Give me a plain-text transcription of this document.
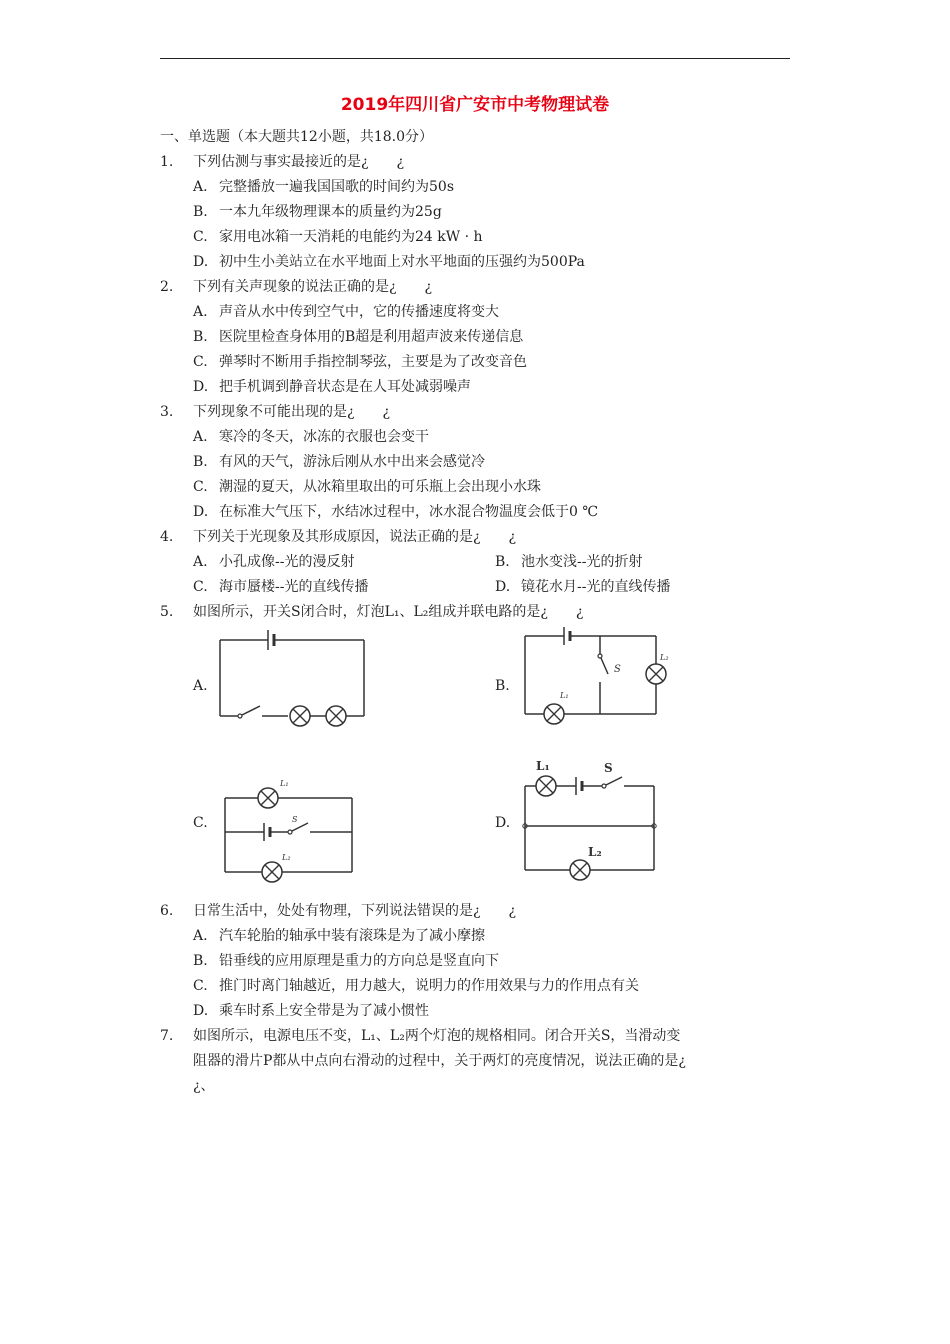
2019年四川省广安市中考物理试卷
一、单选题（本大题共12小题，共18.0分）
1. 下列估测与事实最接近的是¿　　¿
A. 完整播放一遍我国国歌的时间约为50s
B. 一本九年级物理课本的质量约为25g
C. 家用电冰箱一天消耗的电能约为24 kW · h
D. 初中生小美站立在水平地面上对水平地面的压强约为500Pa
2. 下列有关声现象的说法正确的是¿　　¿
A. 声音从水中传到空气中，它的传播速度将变大
B. 医院里检查身体用的B超是利用超声波来传递信息
C. 弹琴时不断用手指控制琴弦，主要是为了改变音色
D. 把手机调到静音状态是在人耳处减弱噪声
3. 下列现象不可能出现的是¿　　¿
A. 寒冷的冬天，冰冻的衣服也会变干
B. 有风的天气，游泳后刚从水中出来会感觉冷
C. 潮湿的夏天，从冰箱里取出的可乐瓶上会出现小水珠
D. 在标准大气压下，水结冰过程中，冰水混合物温度会低于0 ℃
4. 下列关于光现象及其形成原因，说法正确的是¿　　¿
A. 小孔成像--光的漫反射	B. 池水变浅--光的折射
C. 海市蜃楼--光的直线传播	D. 镜花水月--光的直线传播
5. 如图所示，开关S闭合时，灯泡L₁、L₂组成并联电路的是¿　　¿
A.	B.
S
L₂
L₁
C.
L₁
S
L₂
D.
L₁	S
L₂
6. 日常生活中，处处有物理，下列说法错误的是¿　　¿
A. 汽车轮胎的轴承中装有滚珠是为了减小摩擦
B. 铅垂线的应用原理是重力的方向总是竖直向下
C. 推门时离门轴越近，用力越大，说明力的作用效果与力的作用点有关
D. 乘车时系上安全带是为了减小惯性
7. 如图所示，电源电压不变，L₁、L₂两个灯泡的规格相同。闭合开关S，当滑动变
阻器的滑片P都从中点向右滑动的过程中，关于两灯的亮度情况，说法正确的是¿
¿、
